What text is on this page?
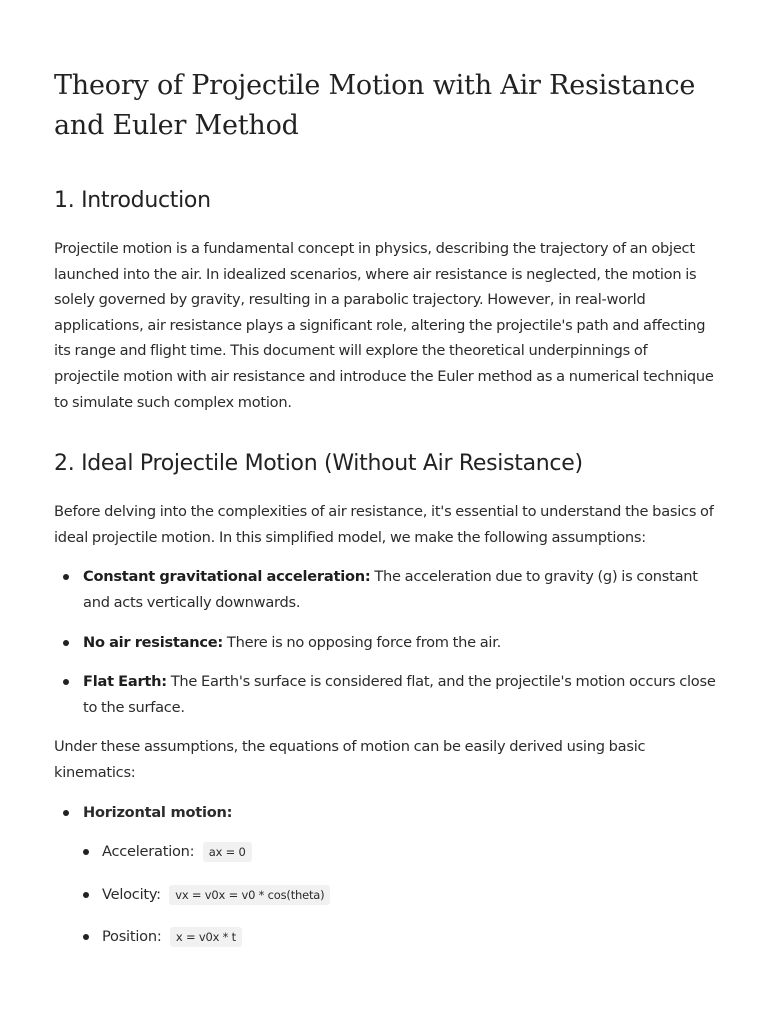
Theory of Projectile Motion with Air Resistance and Euler Method
1. Introduction

Projectile motion is a fundamental concept in physics, describing the trajectory of an object launched into the air. In idealized scenarios, where air resistance is neglected, the motion is solely governed by gravity, resulting in a parabolic trajectory. However, in real-world applications, air resistance plays a significant role, altering the projectile's path and affecting its range and flight time. This document will explore the theoretical underpinnings of projectile motion with air resistance and introduce the Euler method as a numerical technique to simulate such complex motion.

2. Ideal Projectile Motion (Without Air Resistance)

Before delving into the complexities of air resistance, it's essential to understand the basics of ideal projectile motion. In this simplified model, we make the following assumptions:

Constant gravitational acceleration: The acceleration due to gravity (g) is constant and acts vertically downwards.
No air resistance: There is no opposing force from the air.
Flat Earth: The Earth's surface is considered flat, and the projectile's motion occurs close to the surface.

Under these assumptions, the equations of motion can be easily derived using basic kinematics:

Horizontal motion:
Acceleration: ax = 0
Velocity: vx = v0x = v0 * cos(theta)
Position: x = v0x * t
